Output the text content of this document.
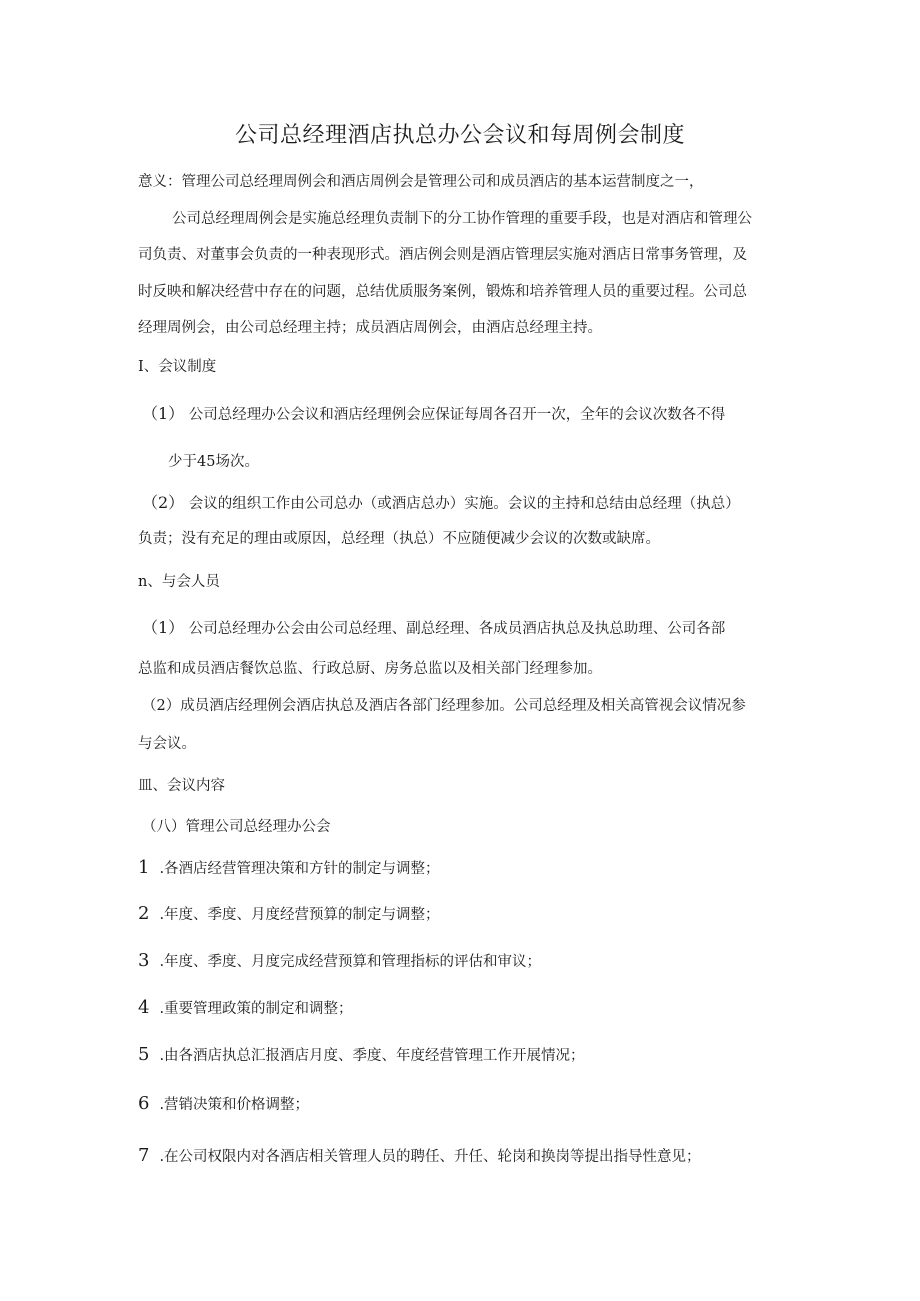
公司总经理酒店执总办公会议和每周例会制度
意义：管理公司总经理周例会和酒店周例会是管理公司和成员酒店的基本运营制度之一，
公司总经理周例会是实施总经理负责制下的分工协作管理的重要手段，也是对酒店和管理公
司负责、对董事会负责的一种表现形式。酒店例会则是酒店管理层实施对酒店日常事务管理，及
时反映和解决经营中存在的问题，总结优质服务案例，锻炼和培养管理人员的重要过程。公司总
经理周例会，由公司总经理主持；成员酒店周例会，由酒店总经理主持。
I、会议制度
（1） 公司总经理办公会议和酒店经理例会应保证每周各召开一次，全年的会议次数各不得
少于45场次。
（2） 会议的组织工作由公司总办（或酒店总办）实施。会议的主持和总结由总经理（执总）
负责；没有充足的理由或原因，总经理（执总）不应随便减少会议的次数或缺席。
n、与会人员
（1） 公司总经理办公会由公司总经理、副总经理、各成员酒店执总及执总助理、公司各部
总监和成员酒店餐饮总监、行政总厨、房务总监以及相关部门经理参加。
（2）成员酒店经理例会酒店执总及酒店各部门经理参加。公司总经理及相关高管视会议情况参
与会议。
皿、会议内容
（八）管理公司总经理办公会
1 .各酒店经营管理决策和方针的制定与调整；
2 .年度、季度、月度经营预算的制定与调整；
3 .年度、季度、月度完成经营预算和管理指标的评估和审议；
4 .重要管理政策的制定和调整；
5 .由各酒店执总汇报酒店月度、季度、年度经营管理工作开展情况；
6 .营销决策和价格调整；
7 .在公司权限内对各酒店相关管理人员的聘任、升任、轮岗和换岗等提出指导性意见；
